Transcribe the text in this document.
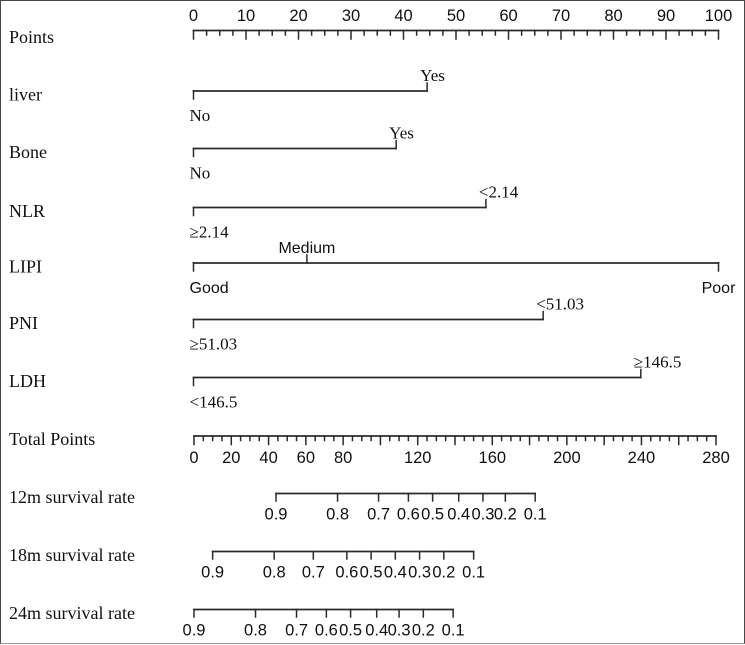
Points
0 10 20 30 40 50 60 70 80 90 100
liver
No
Yes
Bone
No
Yes
NLR
≥2.14
<2.14
LIPI
Good
Medium
Poor
PNI
≥51.03
<51.03
LDH
<146.5
≥146.5
Total Points
0 20 40 60 80	120	160	200	240	280
12m survival rate
0.9 0.8 0.7 0.6 0.5 0.4 0.3 0.2 0.1
18m survival rate
0.9 0.8 0.7 0.6 0.5 0.4 0.3 0.2 0.1
24m survival rate
0.9 0.8 0.7 0.6 0.5 0.4 0.3 0.2 0.1
